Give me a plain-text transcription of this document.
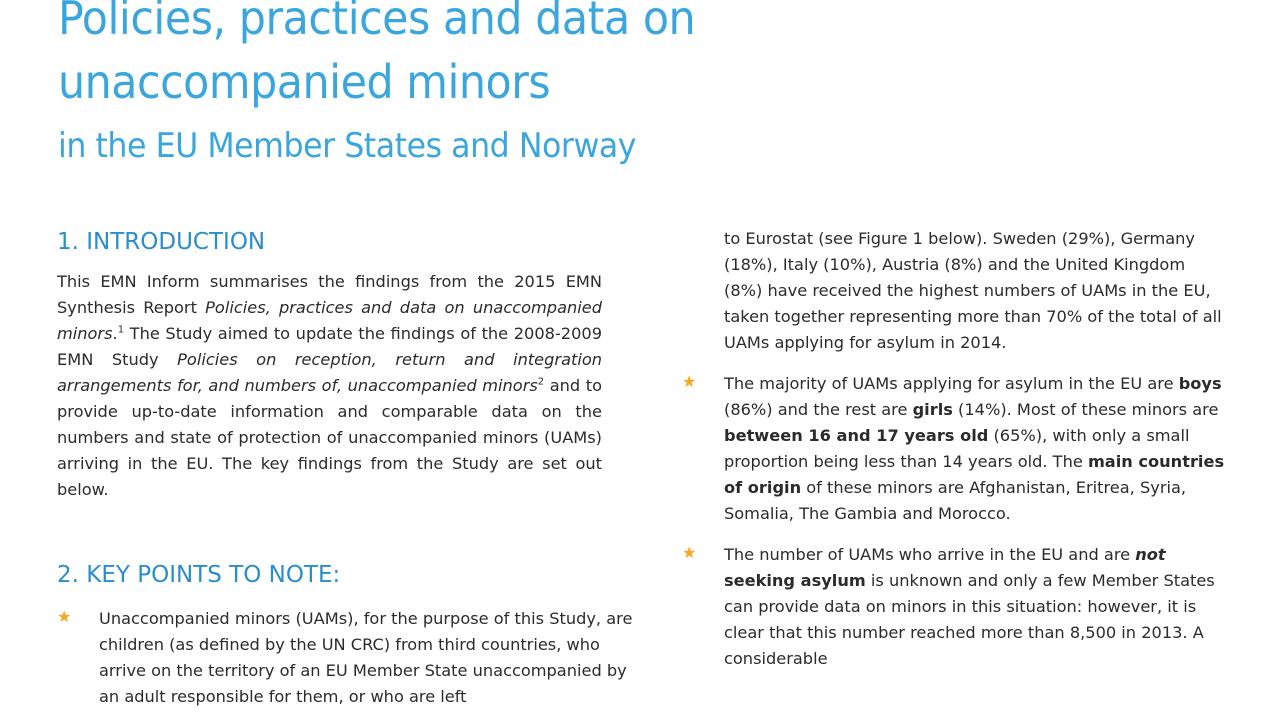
Policies, practices and data on
unaccompanied minors
in the EU Member States and Norway
1. INTRODUCTION

This EMN Inform summarises the findings from the 2015 EMN Synthesis Report Policies, practices and data on unaccompanied minors.$^1$ The Study aimed to update the findings of the 2008-2009 EMN Study Policies on reception, return and integration arrangements for, and numbers of, unaccompanied minors$^2$ and to provide up-to-date information and comparable data on the numbers and state of protection of unaccompanied minors (UAMs) arriving in the EU. The key findings from the Study are set out below.

2. KEY POINTS TO NOTE:
★ Unaccompanied minors (UAMs), for the purpose of this Study, are children (as defined by the UN CRC) from third countries, who arrive on the territory of an EU Member State unaccompanied by an adult responsible for them, or who are left

to Eurostat (see Figure 1 below). Sweden (29%), Germany (18%), Italy (10%), Austria (8%) and the United Kingdom (8%) have received the highest numbers of UAMs in the EU, taken together representing more than 70% of the total of all UAMs applying for asylum in 2014.

★ The majority of UAMs applying for asylum in the EU are boys (86%) and the rest are girls (14%). Most of these minors are between 16 and 17 years old (65%), with only a small proportion being less than 14 years old. The main countries of origin of these minors are Afghanistan, Eritrea, Syria, Somalia, The Gambia and Morocco.
★ The number of UAMs who arrive in the EU and are not seeking asylum is unknown and only a few Member States can provide data on minors in this situation: however, it is clear that this number reached more than 8,500 in 2013. A considerable
